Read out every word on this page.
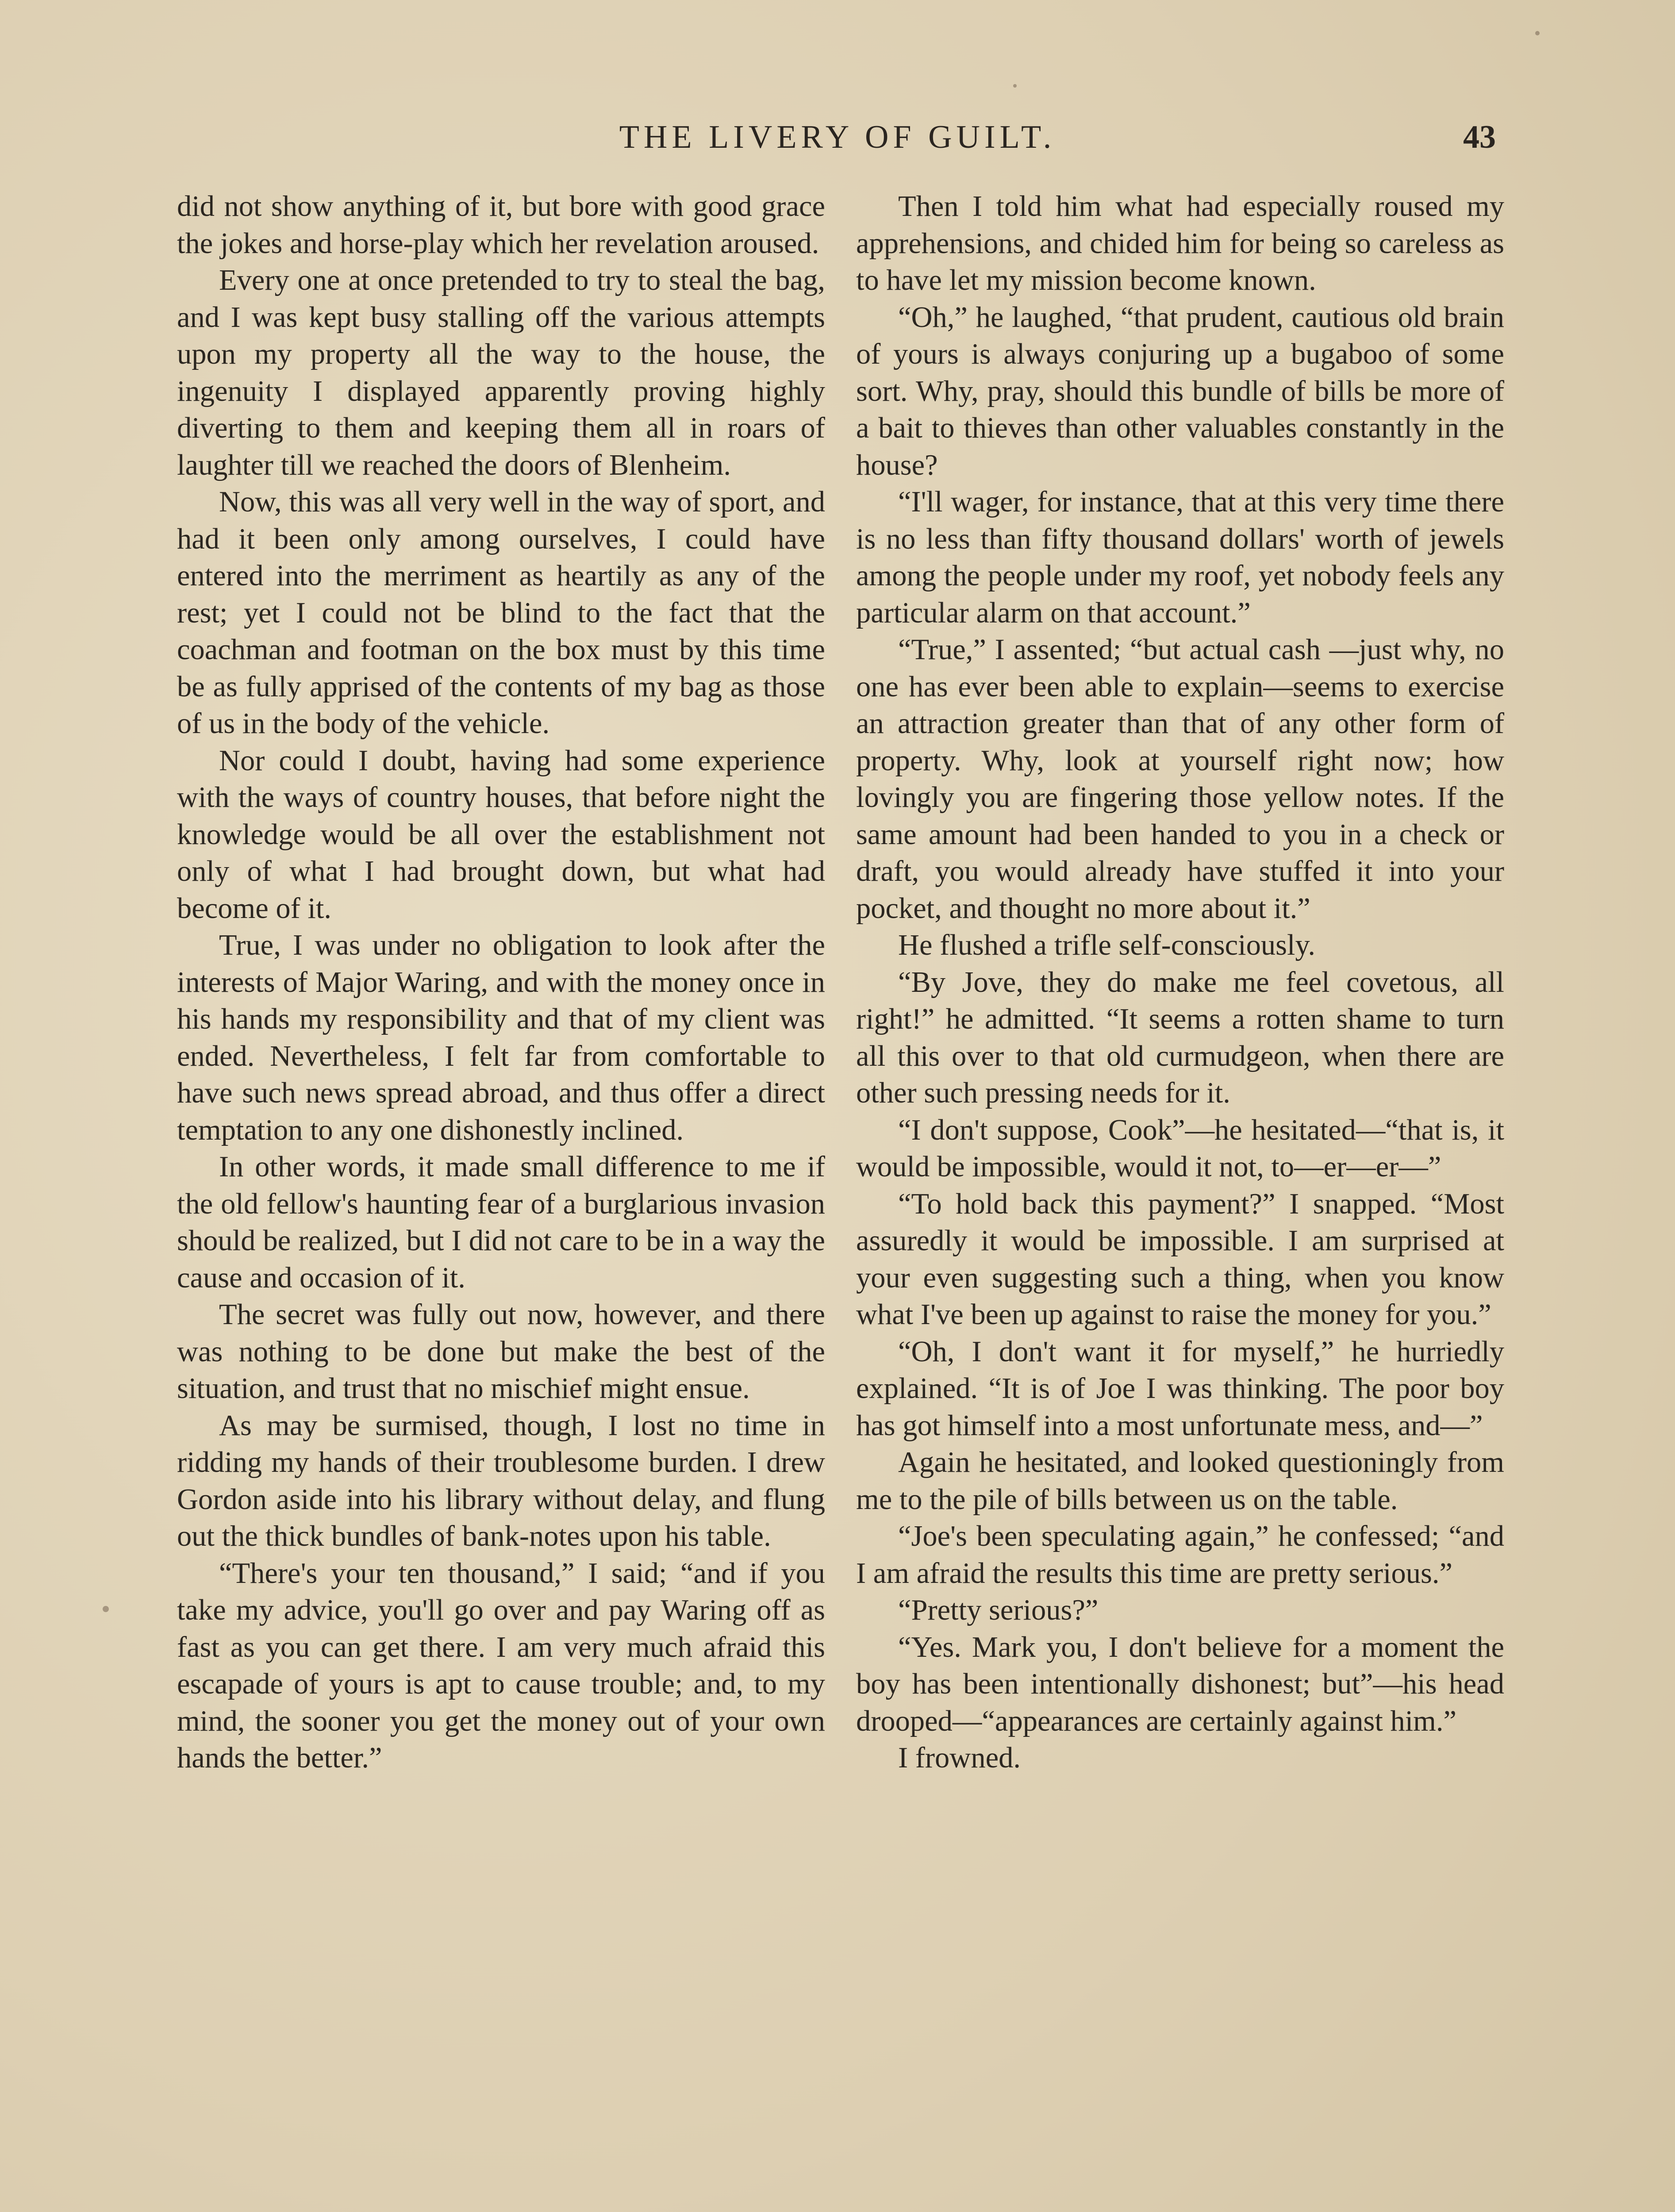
THE LIVERY OF GUILT.	43

did not show anything of it, but bore with good grace the jokes and horse-play which her revelation aroused.

Every one at once pretended to try to steal the bag, and I was kept busy stalling off the various attempts upon my property all the way to the house, the ingenuity I displayed apparently proving highly diverting to them and keeping them all in roars of laughter till we reached the doors of Blenheim.

Now, this was all very well in the way of sport, and had it been only among ourselves, I could have entered into the merriment as heartily as any of the rest; yet I could not be blind to the fact that the coachman and footman on the box must by this time be as fully apprised of the contents of my bag as those of us in the body of the vehicle.

Nor could I doubt, having had some experience with the ways of country houses, that before night the knowledge would be all over the establishment not only of what I had brought down, but what had become of it.

True, I was under no obligation to look after the interests of Major Waring, and with the money once in his hands my responsibility and that of my client was ended. Nevertheless, I felt far from comfortable to have such news spread abroad, and thus offer a direct temptation to any one dishonestly inclined.

In other words, it made small difference to me if the old fellow's haunting fear of a burglarious invasion should be realized, but I did not care to be in a way the cause and occasion of it.

The secret was fully out now, however, and there was nothing to be done but make the best of the situation, and trust that no mischief might ensue.

As may be surmised, though, I lost no time in ridding my hands of their troublesome burden. I drew Gordon aside into his library without delay, and flung out the thick bundles of bank-notes upon his table.

“There's your ten thousand,” I said; “and if you take my advice, you'll go over and pay Waring off as fast as you can get there. I am very much afraid this escapade of yours is apt to cause trouble; and, to my mind, the sooner you get the money out of your own hands the better.”

Then I told him what had especially roused my apprehensions, and chided him for being so careless as to have let my mission become known.

“Oh,” he laughed, “that prudent, cautious old brain of yours is always conjuring up a bugaboo of some sort. Why, pray, should this bundle of bills be more of a bait to thieves than other valuables constantly in the house?

“I'll wager, for instance, that at this very time there is no less than fifty thousand dollars' worth of jewels among the people under my roof, yet nobody feels any particular alarm on that account.”

“True,” I assented; “but actual cash —just why, no one has ever been able to explain—seems to exercise an attraction greater than that of any other form of property. Why, look at yourself right now; how lovingly you are fingering those yellow notes. If the same amount had been handed to you in a check or draft, you would already have stuffed it into your pocket, and thought no more about it.”

He flushed a trifle self-consciously.

“By Jove, they do make me feel covetous, all right!” he admitted. “It seems a rotten shame to turn all this over to that old curmudgeon, when there are other such pressing needs for it.

“I don't suppose, Cook”—he hesitated—“that is, it would be impossible, would it not, to—er—er—”

“To hold back this payment?” I snapped. “Most assuredly it would be impossible. I am surprised at your even suggesting such a thing, when you know what I've been up against to raise the money for you.”

“Oh, I don't want it for myself,” he hurriedly explained. “It is of Joe I was thinking. The poor boy has got himself into a most unfortunate mess, and—”

Again he hesitated, and looked questioningly from me to the pile of bills between us on the table.

“Joe's been speculating again,” he confessed; “and I am afraid the results this time are pretty serious.”

“Pretty serious?”

“Yes. Mark you, I don't believe for a moment the boy has been intentionally dishonest; but”—his head drooped—“appearances are certainly against him.”

I frowned.
